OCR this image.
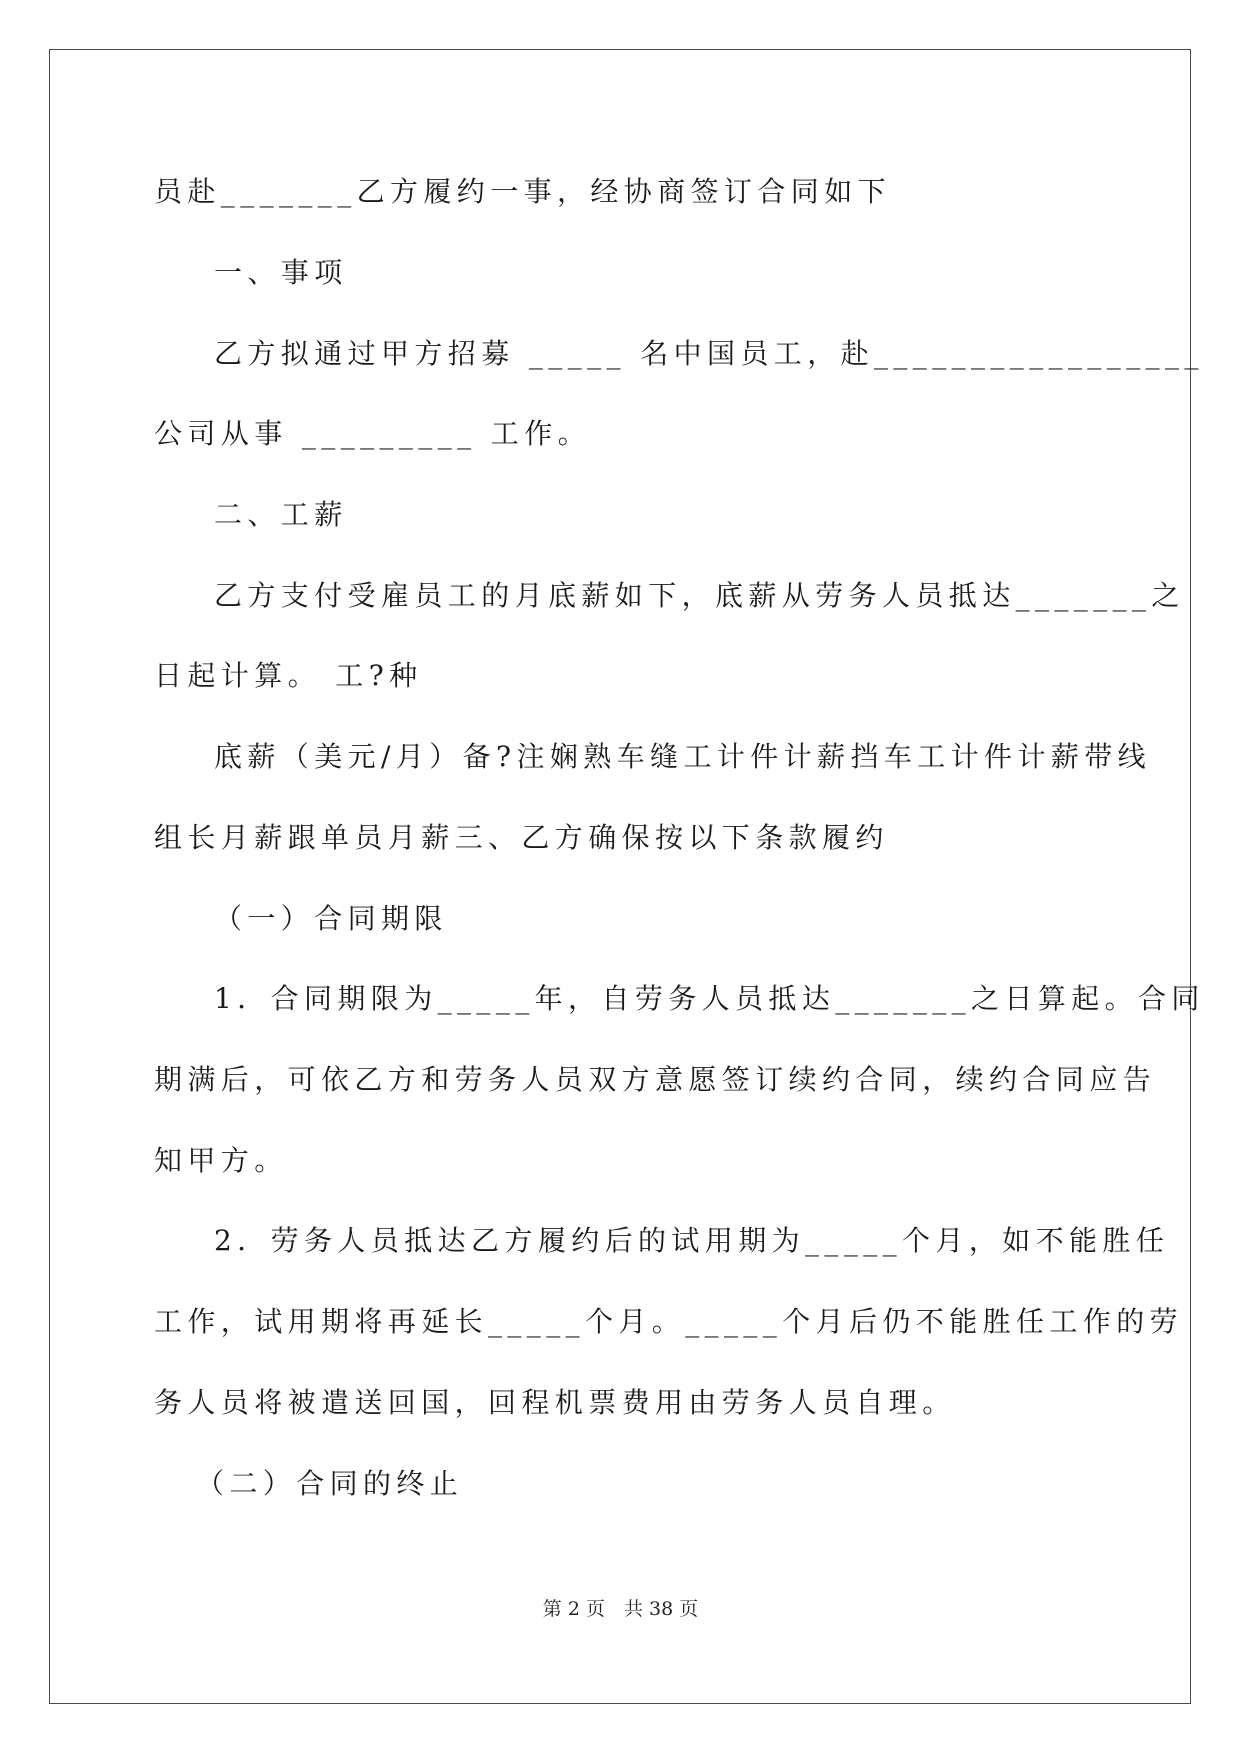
员赴_______乙方履约一事，经协商签订合同如下
一、事项
乙方拟通过甲方招募 _____ 名中国员工，赴_________________
公司从事 _________ 工作。
二、工薪
乙方支付受雇员工的月底薪如下，底薪从劳务人员抵达_______之
日起计算。 工?种
底薪（美元/月）备?注娴熟车缝工计件计薪挡车工计件计薪带线
组长月薪跟单员月薪三、乙方确保按以下条款履约
（一）合同期限
1．合同期限为_____年，自劳务人员抵达_______之日算起。合同
期满后，可依乙方和劳务人员双方意愿签订续约合同，续约合同应告
知甲方。
2．劳务人员抵达乙方履约后的试用期为_____个月，如不能胜任
工作，试用期将再延长_____个月。_____个月后仍不能胜任工作的劳
务人员将被遣送回国，回程机票费用由劳务人员自理。
（二）合同的终止
第 2 页　共 38 页
